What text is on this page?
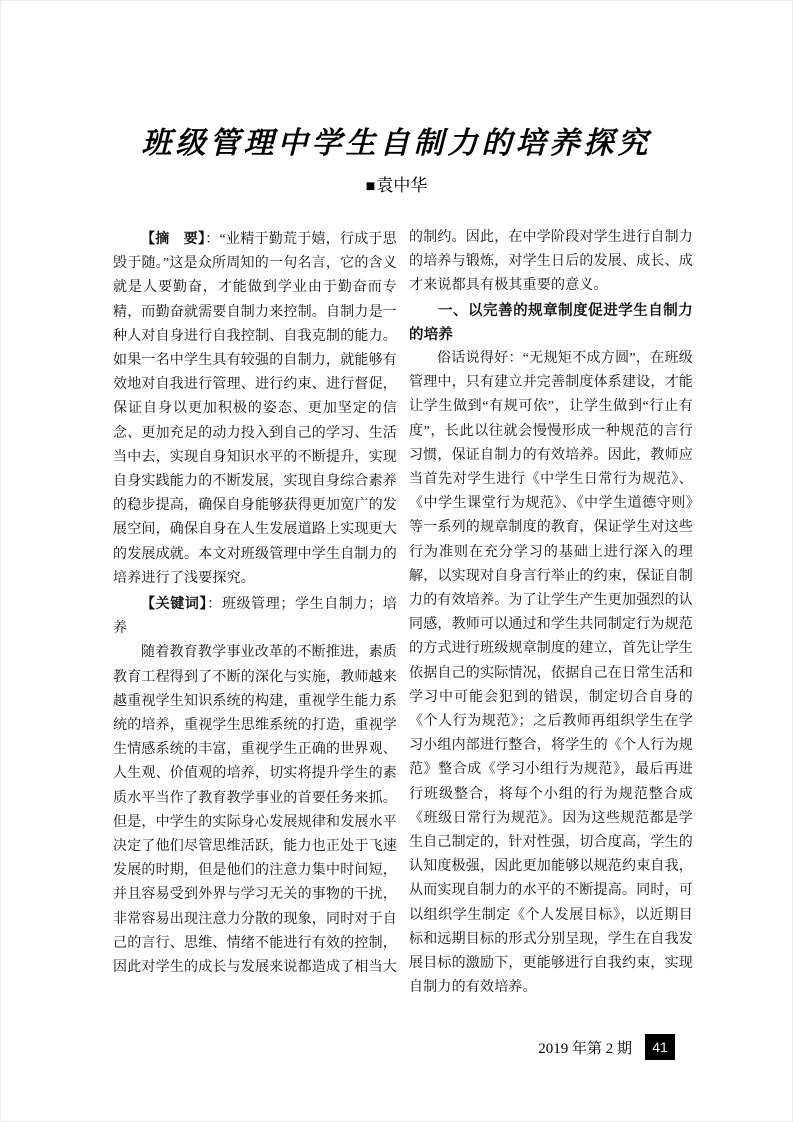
班级管理中学生自制力的培养探究
■袁中华

【摘　要】：“业精于勤荒于嬉，行成于思毁于随。”这是众所周知的一句名言，它的含义就是人要勤奋，才能做到学业由于勤奋而专精，而勤奋就需要自制力来控制。自制力是一种人对自身进行自我控制、自我克制的能力。如果一名中学生具有较强的自制力，就能够有效地对自我进行管理、进行约束、进行督促，保证自身以更加积极的姿态、更加坚定的信念、更加充足的动力投入到自己的学习、生活当中去，实现自身知识水平的不断提升，实现自身实践能力的不断发展，实现自身综合素养的稳步提高，确保自身能够获得更加宽广的发展空间，确保自身在人生发展道路上实现更大的发展成就。本文对班级管理中学生自制力的培养进行了浅要探究。

【关键词】：班级管理；学生自制力；培养

随着教育教学事业改革的不断推进，素质教育工程得到了不断的深化与实施，教师越来越重视学生知识系统的构建，重视学生能力系统的培养，重视学生思维系统的打造，重视学生情感系统的丰富，重视学生正确的世界观、人生观、价值观的培养，切实将提升学生的素质水平当作了教育教学事业的首要任务来抓。但是，中学生的实际身心发展规律和发展水平决定了他们尽管思维活跃，能力也正处于飞速发展的时期，但是他们的注意力集中时间短，并且容易受到外界与学习无关的事物的干扰，非常容易出现注意力分散的现象，同时对于自己的言行、思维、情绪不能进行有效的控制，因此对学生的成长与发展来说都造成了相当大

的制约。因此，在中学阶段对学生进行自制力的培养与锻炼，对学生日后的发展、成长、成才来说都具有极其重要的意义。

一、以完善的规章制度促进学生自制力的培养

俗话说得好：“无规矩不成方圆”，在班级管理中，只有建立并完善制度体系建设，才能让学生做到“有规可依”，让学生做到“行止有度”，长此以往就会慢慢形成一种规范的言行习惯，保证自制力的有效培养。因此，教师应当首先对学生进行《中学生日常行为规范》、《中学生课堂行为规范》、《中学生道德守则》等一系列的规章制度的教育，保证学生对这些行为准则在充分学习的基础上进行深入的理解，以实现对自身言行举止的约束，保证自制力的有效培养。为了让学生产生更加强烈的认同感，教师可以通过和学生共同制定行为规范的方式进行班级规章制度的建立，首先让学生依据自己的实际情况，依据自己在日常生活和学习中可能会犯到的错误，制定切合自身的《个人行为规范》；之后教师再组织学生在学习小组内部进行整合，将学生的《个人行为规范》整合成《学习小组行为规范》，最后再进行班级整合，将每个小组的行为规范整合成《班级日常行为规范》。因为这些规范都是学生自己制定的，针对性强，切合度高，学生的认知度极强，因此更加能够以规范约束自我，从而实现自制力的水平的不断提高。同时，可以组织学生制定《个人发展目标》，以近期目标和远期目标的形式分别呈现，学生在自我发展目标的激励下，更能够进行自我约束，实现自制力的有效培养。

2019 年第 2 期	41
